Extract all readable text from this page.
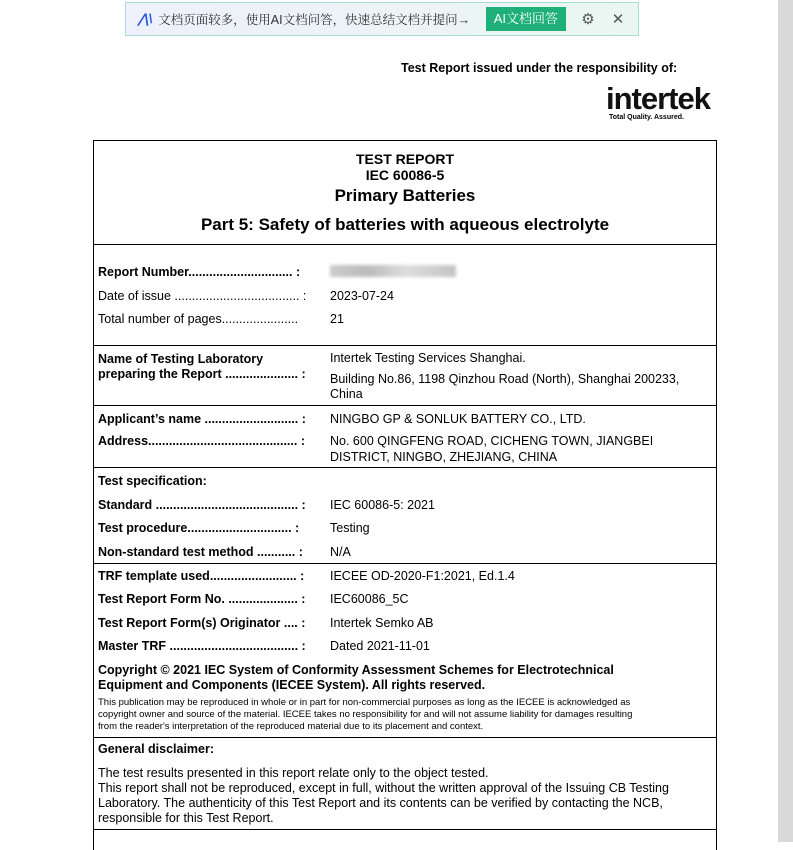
⋀\ 文档页面较多，使用AI文档问答，快速总结文档并提问→	AI文档回答	⚙ ✕
Test Report issued under the responsibility of:
intertek
Total Quality. Assured.
TEST REPORT
IEC 60086-5
Primary Batteries
Part 5: Safety of batteries with aqueous electrolyte
Report Number.............................. :
Date of issue .................................... : 2023-07-24
Total number of pages......................	21
Name of Testing Laboratory
preparing the Report ..................... :
Intertek Testing Services Shanghai.
Building No.86, 1198 Qinzhou Road (North), Shanghai 200233,
China
Applicant’s name ........................... : NINGBO GP & SONLUK BATTERY CO., LTD.
Address........................................... : No. 600 QINGFENG ROAD, CICHENG TOWN, JIANGBEI
DISTRICT, NINGBO, ZHEJIANG, CHINA
Test specification:
Standard ......................................... : IEC 60086-5: 2021
Test procedure.............................. : Testing
Non-standard test method ........... : N/A
TRF template used......................... : IECEE OD-2020-F1:2021, Ed.1.4
Test Report Form No. .................... : IEC60086_5C
Test Report Form(s) Originator .... : Intertek Semko AB
Master TRF ..................................... : Dated 2021-11-01
Copyright © 2021 IEC System of Conformity Assessment Schemes for Electrotechnical
Equipment and Components (IECEE System). All rights reserved.
This publication may be reproduced in whole or in part for non-commercial purposes as long as the IECEE is acknowledged as
copyright owner and source of the material. IECEE takes no responsibility for and will not assume liability for damages resulting
from the reader's interpretation of the reproduced material due to its placement and context.
General disclaimer:
The test results presented in this report relate only to the object tested.
This report shall not be reproduced, except in full, without the written approval of the Issuing CB Testing
Laboratory. The authenticity of this Test Report and its contents can be verified by contacting the NCB,
responsible for this Test Report.
